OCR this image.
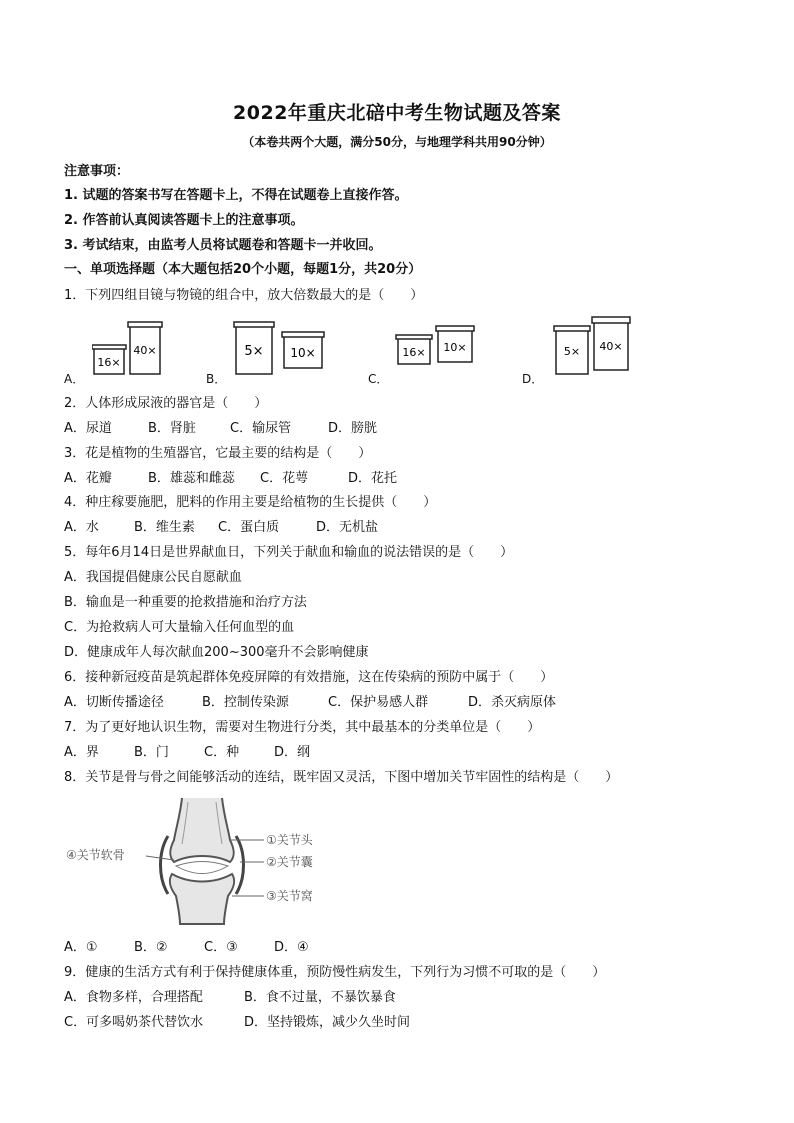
2022年重庆北碚中考生物试题及答案
（本卷共两个大题，满分50分，与地理学科共用90分钟）
注意事项：
1. 试题的答案书写在答题卡上，不得在试题卷上直接作答。
2. 作答前认真阅读答题卡上的注意事项。
3. 考试结束，由监考人员将试题卷和答题卡一并收回。
一、单项选择题（本大题包括20个小题，每题1分，共20分）
1．下列四组目镜与物镜的组合中，放大倍数最大的是（　　）
A．
16×
40×
B．
5× 10×
C．
16× 10×
D．
5× 40×
2．人体形成尿液的器官是（　　）
A．尿道	B．肾脏	C．输尿管	D．膀胱
3．花是植物的生殖器官，它最主要的结构是（　　）
A．花瓣	B．雄蕊和雌蕊 C．花萼	D．花托
4．种庄稼要施肥，肥料的作用主要是给植物的生长提供（　　）
A．水	B．维生素 C．蛋白质	D．无机盐
5．每年6月14日是世界献血日，下列关于献血和输血的说法错误的是（　　）
A．我国提倡健康公民自愿献血
B．输血是一种重要的抢救措施和治疗方法
C．为抢救病人可大量输入任何血型的血
D．健康成年人每次献血200~300毫升不会影响健康
6．接种新冠疫苗是筑起群体免疫屏障的有效措施，这在传染病的预防中属于（　　）
A．切断传播途径	B．控制传染源	C．保护易感人群	D．杀灭病原体
7．为了更好地认识生物，需要对生物进行分类，其中最基本的分类单位是（　　）
A．界	B．门	C．种	D．纲
8．关节是骨与骨之间能够活动的连结，既牢固又灵活，下图中增加关节牢固性的结构是（　　）
①关节头
②关节囊
③关节窝
④关节软骨
A．①	B．②	C．③	D．④
9．健康的生活方式有利于保持健康体重，预防慢性病发生，下列行为习惯不可取的是（　　）
A．食物多样，合理搭配	B．食不过量，不暴饮暴食
C．可多喝奶茶代替饮水	D．坚持锻炼，减少久坐时间
